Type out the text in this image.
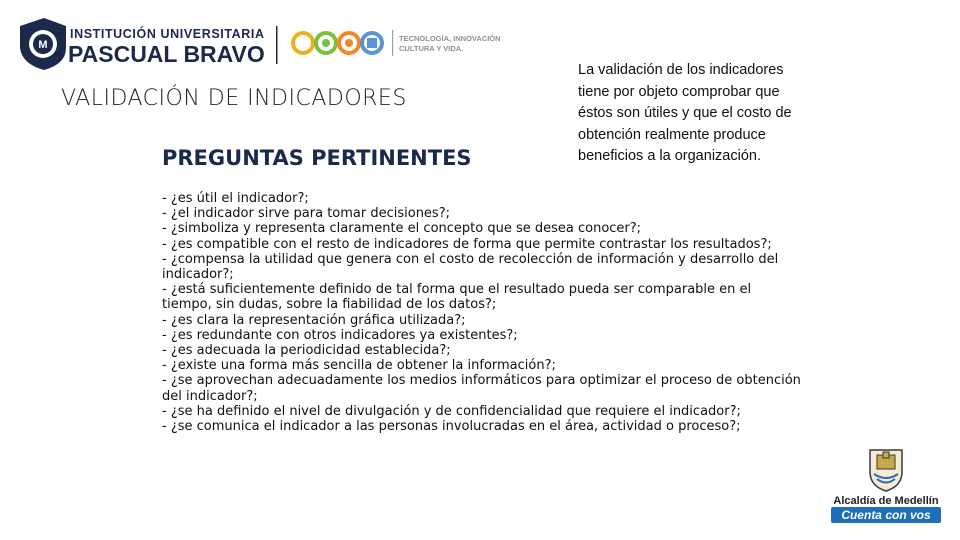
M
INSTITUCIÓN UNIVERSITARIA
PASCUAL BRAVO
TECNOLOGÍA, INNOVACIÓN
CULTURA Y VIDA.
VALIDACIÓN DE INDICADORES
PREGUNTAS PERTINENTES

La validación de los indicadores tiene por objeto comprobar que éstos son útiles y que el costo de obtención realmente produce beneficios a la organización.

- ¿es útil el indicador?;

- ¿el indicador sirve para tomar decisiones?;

- ¿simboliza y representa claramente el concepto que se desea conocer?;

- ¿es compatible con el resto de indicadores de forma que permite contrastar los resultados?;

- ¿compensa la utilidad que genera con el costo de recolección de información y desarrollo del indicador?;

- ¿está suficientemente definido de tal forma que el resultado pueda ser comparable en el tiempo, sin dudas, sobre la fiabilidad de los datos?;

- ¿es clara la representación gráfica utilizada?;

- ¿es redundante con otros indicadores ya existentes?;

- ¿es adecuada la periodicidad establecida?;

- ¿existe una forma más sencilla de obtener la información?;

- ¿se aprovechan adecuadamente los medios informáticos para optimizar el proceso de obtención del indicador?;

- ¿se ha definido el nivel de divulgación y de confidencialidad que requiere el indicador?;

- ¿se comunica el indicador a las personas involucradas en el área, actividad o proceso?;

Alcaldía de Medellín
Cuenta con vos
